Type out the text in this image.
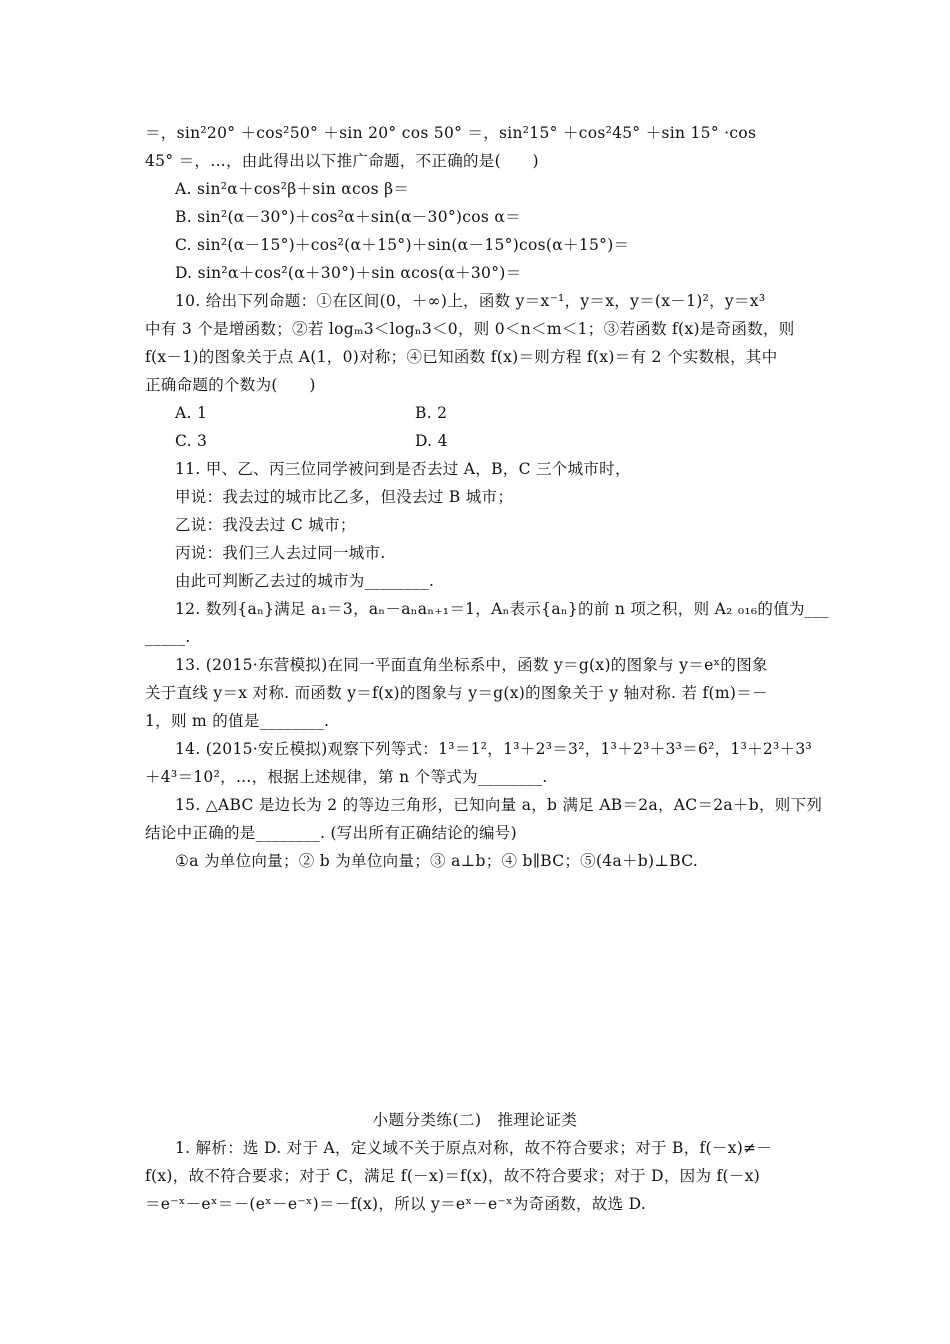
＝，sin²20° ＋cos²50° ＋sin 20° cos 50° ＝，sin²15° ＋cos²45° ＋sin 15° ·cos
45° ＝，…，由此得出以下推广命题，不正确的是(　　)
A. sin²α＋cos²β＋sin αcos β＝
B. sin²(α－30°)＋cos²α＋sin(α－30°)cos α＝
C. sin²(α－15°)＋cos²(α＋15°)＋sin(α－15°)cos(α＋15°)＝
D. sin²α＋cos²(α＋30°)＋sin αcos(α＋30°)＝
10. 给出下列命题：①在区间(0，＋∞)上，函数 y＝x⁻¹，y＝x，y＝(x－1)²，y＝x³
中有 3 个是增函数；②若 logₘ3＜logₙ3＜0，则 0＜n＜m＜1；③若函数 f(x)是奇函数，则
f(x－1)的图象关于点 A(1，0)对称；④已知函数 f(x)＝则方程 f(x)＝有 2 个实数根，其中
正确命题的个数为(　　)
A. 1	B. 2
C. 3	D. 4
11. 甲、乙、丙三位同学被问到是否去过 A，B，C 三个城市时，
甲说：我去过的城市比乙多，但没去过 B 城市；
乙说：我没去过 C 城市；
丙说：我们三人去过同一城市.
由此可判断乙去过的城市为________.
12. 数列{aₙ}满足 a₁＝3，aₙ－aₙaₙ₊₁＝1，Aₙ表示{aₙ}的前 n 项之积，则 A₂ ₀₁₆的值为___
_____.
13. (2015·东营模拟)在同一平面直角坐标系中，函数 y＝g(x)的图象与 y＝eˣ的图象
关于直线 y＝x 对称. 而函数 y＝f(x)的图象与 y＝g(x)的图象关于 y 轴对称. 若 f(m)＝－
1，则 m 的值是________.
14. (2015·安丘模拟)观察下列等式：1³＝1²，1³＋2³＝3²，1³＋2³＋3³＝6²，1³＋2³＋3³
＋4³＝10²，…，根据上述规律，第 n 个等式为________.
15. △ABC 是边长为 2 的等边三角形，已知向量 a，b 满足 AB＝2a，AC＝2a＋b，则下列
结论中正确的是________. (写出所有正确结论的编号)
①a 为单位向量；② b 为单位向量；③ a⊥b；④ b∥BC；⑤(4a＋b)⊥BC.
小题分类练(二)　推理论证类
1. 解析：选 D. 对于 A，定义域不关于原点对称，故不符合要求；对于 B，f(－x)≠－
f(x)，故不符合要求；对于 C，满足 f(－x)＝f(x)，故不符合要求；对于 D，因为 f(－x)
＝e⁻ˣ－eˣ＝－(eˣ－e⁻ˣ)＝－f(x)，所以 y＝eˣ－e⁻ˣ为奇函数，故选 D.
